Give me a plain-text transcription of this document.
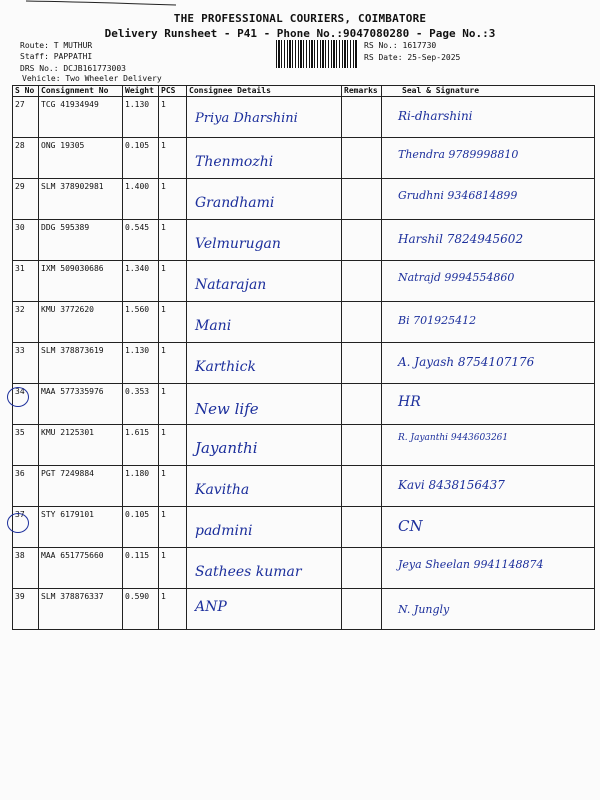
THE PROFESSIONAL COURIERS, COIMBATORE
Delivery Runsheet - P41 - Phone No.:9047080280 - Page No.:3
Route: T MUTHUR
Staff: PAPPATHI
DRS No.: DCJB161773003
Vehicle: Two Wheeler Delivery
RS No.: 1617730
RS Date: 25-Sep-2025
S No	Consignment No	Weight	PCS	Consignee Details	Remarks	Seal & Signature

27	TCG 41934949	1.130	1	Priya Dharshini		Ri-dharshini

28	ONG 19305	0.105	1	Thenmozhi		Thendra 9789998810

29	SLM 378902981	1.400	1	Grandhami		Grudhni 9346814899

30	DDG 595389	0.545	1	Velmurugan		Harshil 7824945602

31	IXM 509030686	1.340	1	Natarajan		Natrajd 9994554860

32	KMU 3772620	1.560	1	Mani		Bi 701925412

33	SLM 378873619	1.130	1	Karthick		A. Jayash 8754107176

34	MAA 577335976	0.353	1	New life		HR

35	KMU 2125301	1.615	1	Jayanthi		R. Jayanthi 9443603261

36	PGT 7249884	1.180	1	Kavitha		Kavi 8438156437

37	STY 6179101	0.105	1	padmini		CN

38	MAA 651775660	0.115	1	Sathees kumar		Jeya Sheelan 9941148874

39	SLM 378876337	0.590	1	ANP		N. Jungly
